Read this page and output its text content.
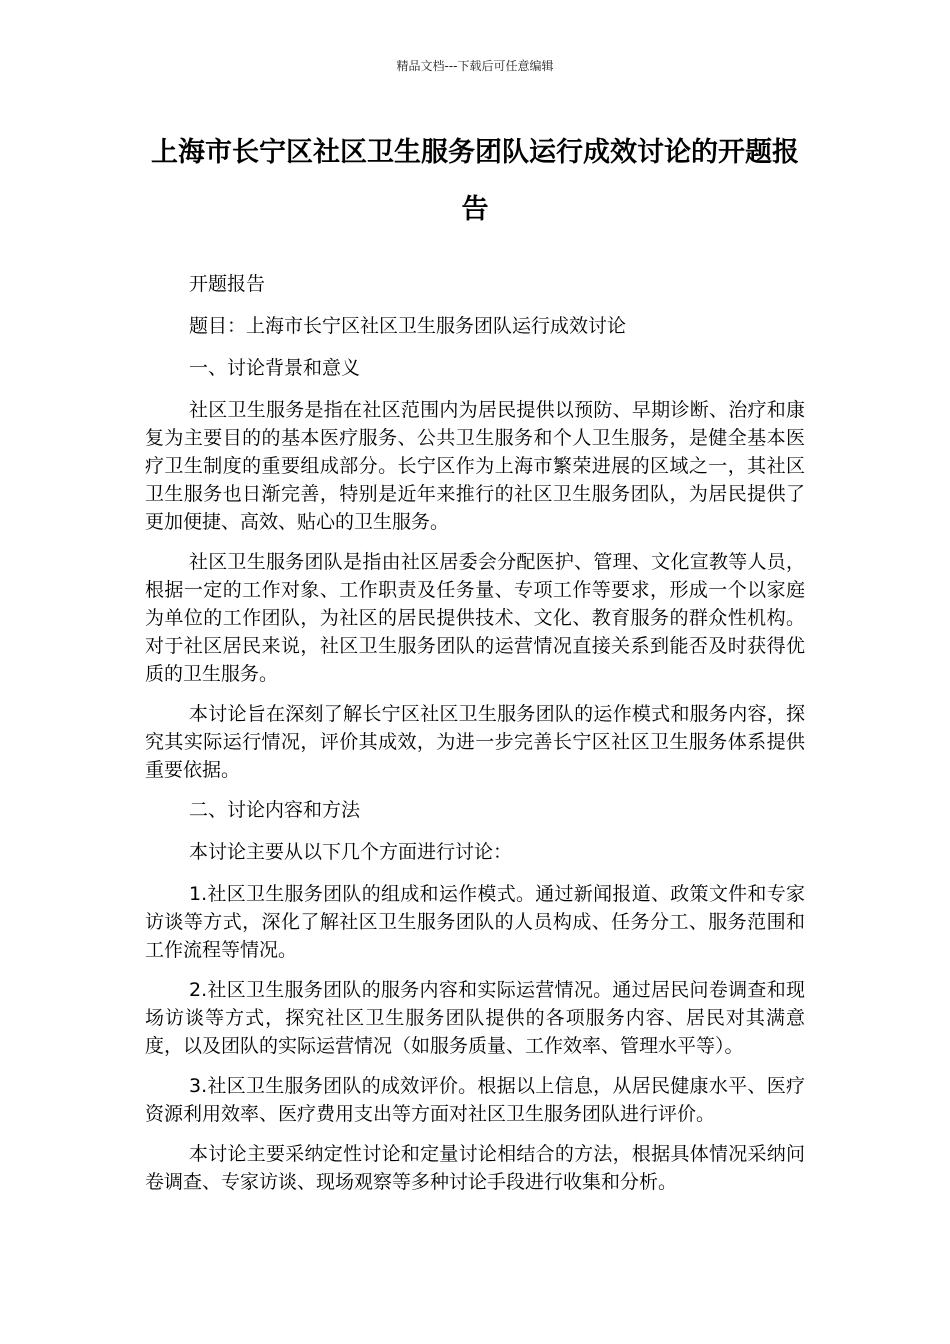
精品文档---下载后可任意编辑
上海市长宁区社区卫生服务团队运行成效讨论的开题报告

开题报告

题目：上海市长宁区社区卫生服务团队运行成效讨论

一、讨论背景和意义

社区卫生服务是指在社区范围内为居民提供以预防、早期诊断、治疗和康复为主要目的的基本医疗服务、公共卫生服务和个人卫生服务，是健全基本医疗卫生制度的重要组成部分。长宁区作为上海市繁荣进展的区域之一，其社区卫生服务也日渐完善，特别是近年来推行的社区卫生服务团队，为居民提供了更加便捷、高效、贴心的卫生服务。

社区卫生服务团队是指由社区居委会分配医护、管理、文化宣教等人员，根据一定的工作对象、工作职责及任务量、专项工作等要求，形成一个以家庭为单位的工作团队，为社区的居民提供技术、文化、教育服务的群众性机构。对于社区居民来说，社区卫生服务团队的运营情况直接关系到能否及时获得优质的卫生服务。

本讨论旨在深刻了解长宁区社区卫生服务团队的运作模式和服务内容，探究其实际运行情况，评价其成效，为进一步完善长宁区社区卫生服务体系提供重要依据。

二、讨论内容和方法

本讨论主要从以下几个方面进行讨论：

1.社区卫生服务团队的组成和运作模式。通过新闻报道、政策文件和专家访谈等方式，深化了解社区卫生服务团队的人员构成、任务分工、服务范围和工作流程等情况。

2.社区卫生服务团队的服务内容和实际运营情况。通过居民问卷调查和现场访谈等方式，探究社区卫生服务团队提供的各项服务内容、居民对其满意度，以及团队的实际运营情况（如服务质量、工作效率、管理水平等）。

3.社区卫生服务团队的成效评价。根据以上信息，从居民健康水平、医疗资源利用效率、医疗费用支出等方面对社区卫生服务团队进行评价。

本讨论主要采纳定性讨论和定量讨论相结合的方法，根据具体情况采纳问卷调查、专家访谈、现场观察等多种讨论手段进行收集和分析。
